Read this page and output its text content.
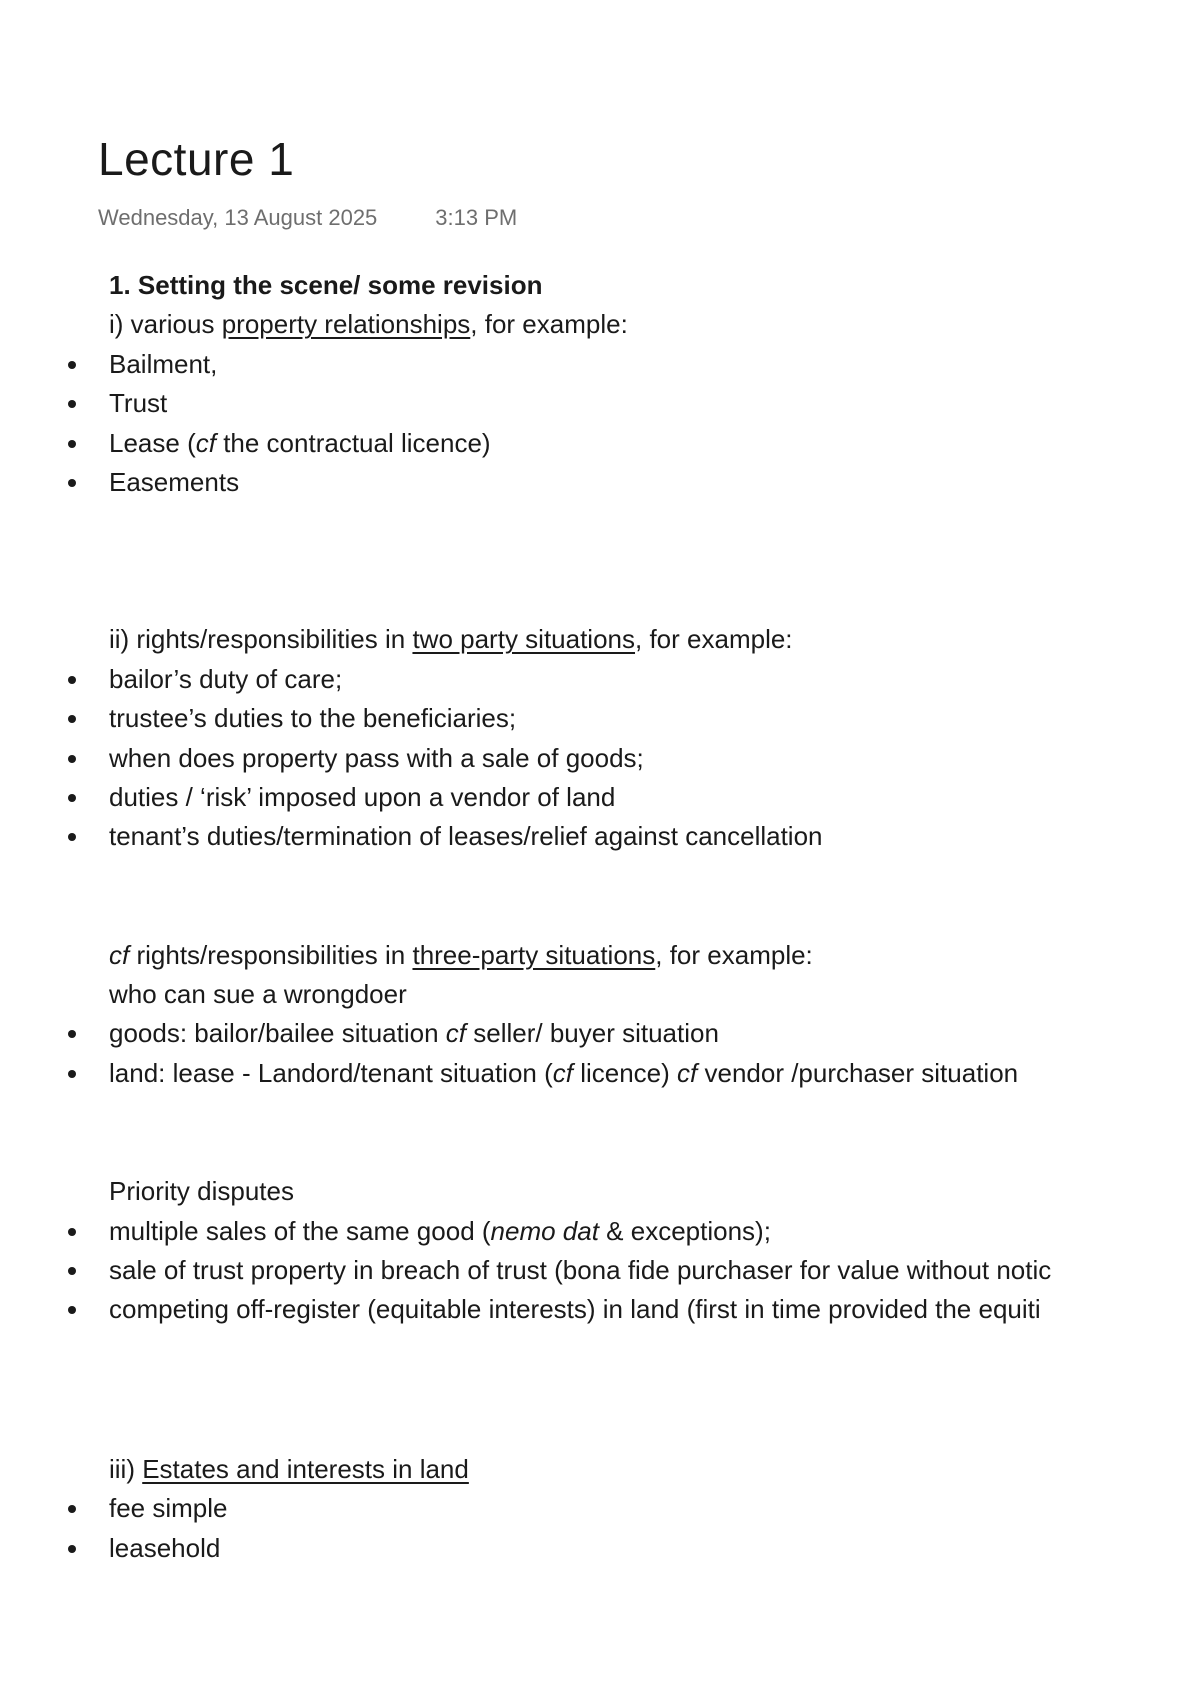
Lecture 1
Wednesday, 13 August 2025	3:13 PM
1. Setting the scene/ some revision
i) various property relationships, for example:
Bailment,
Trust
Lease (cf the contractual licence)
Easements
ii) rights/responsibilities in two party situations, for example:
bailor’s duty of care;
trustee’s duties to the beneficiaries;
when does property pass with a sale of goods;
duties / ‘risk’ imposed upon a vendor of land
tenant’s duties/termination of leases/relief against cancellation
cf rights/responsibilities in three-party situations, for example:
who can sue a wrongdoer
goods: bailor/bailee situation cf seller/ buyer situation
land: lease - Landord/tenant situation (cf licence) cf vendor /purchaser situation
Priority disputes
multiple sales of the same good (nemo dat & exceptions);
sale of trust property in breach of trust (bona fide purchaser for value without notic
competing off-register (equitable interests) in land (first in time provided the equiti
iii) Estates and interests in land
fee simple
leasehold
